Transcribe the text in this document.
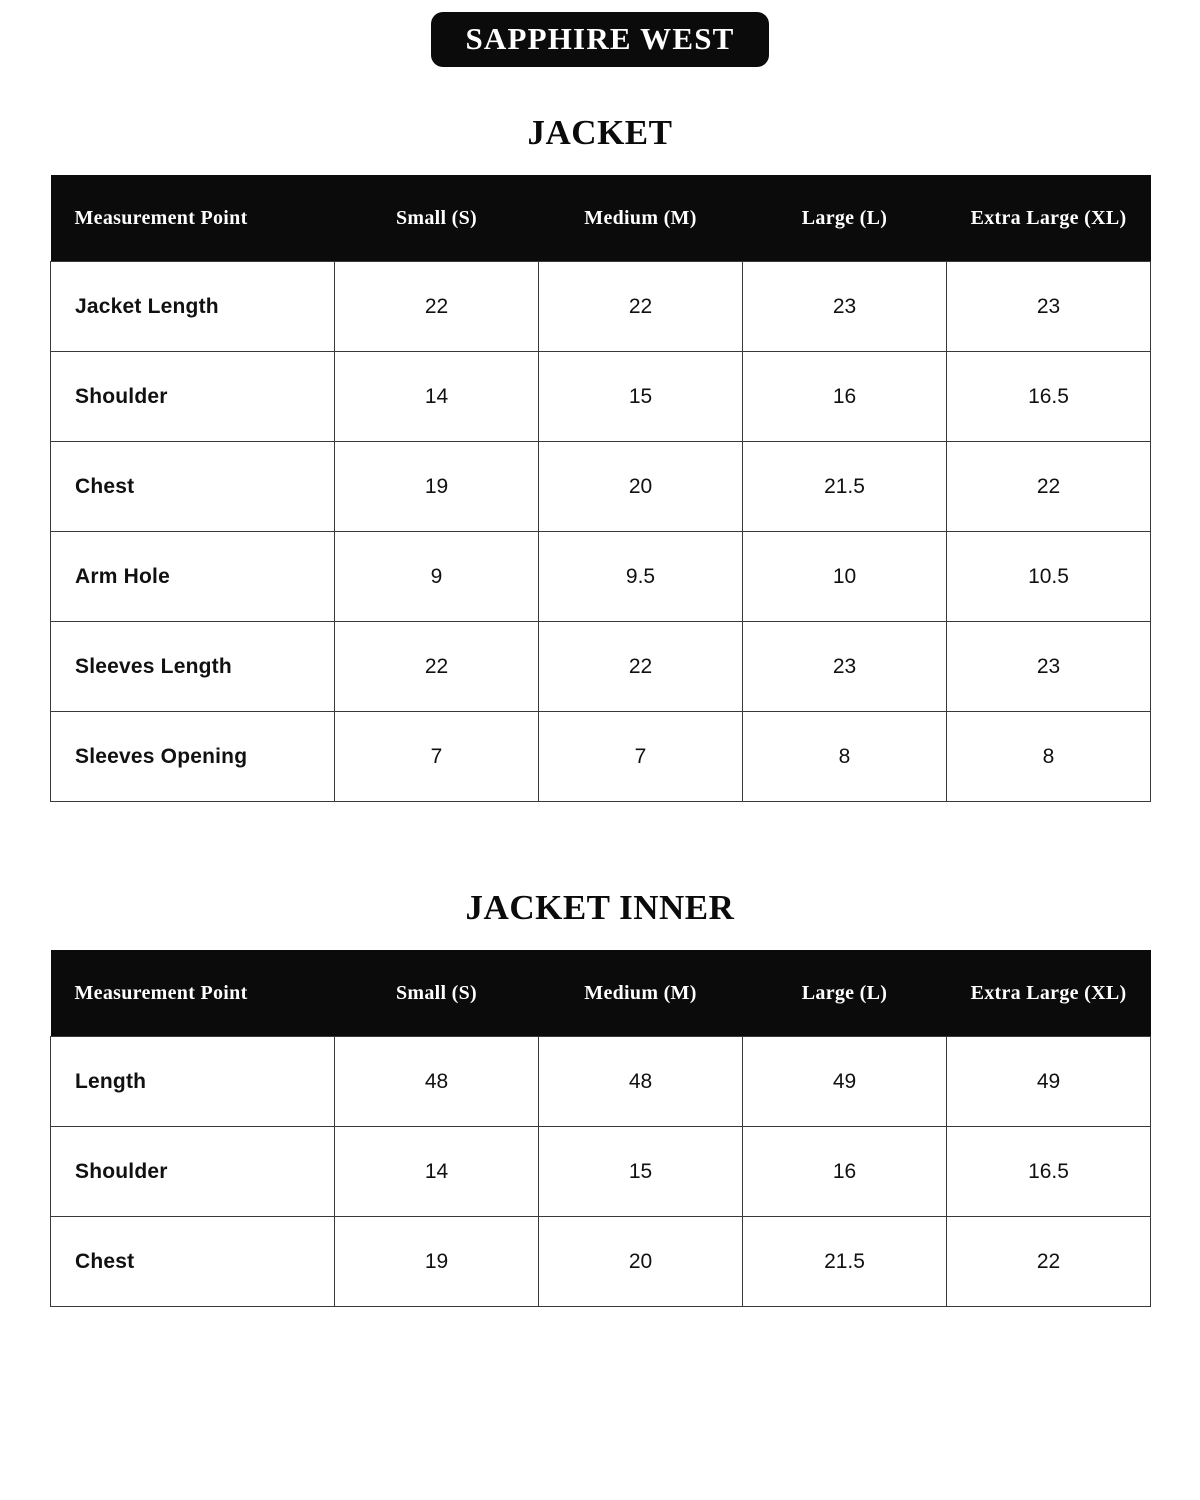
SAPPHIRE WEST
JACKET
Measurement Point	Small (S)	Medium (M)	Large (L)	Extra Large (XL)
Jacket Length	22	22	23	23
Shoulder	14	15	16	16.5
Chest	19	20	21.5	22
Arm Hole	9	9.5	10	10.5
Sleeves Length	22	22	23	23
Sleeves Opening	7	7	8	8
JACKET INNER
Measurement Point	Small (S)	Medium (M)	Large (L)	Extra Large (XL)
Length	48	48	49	49
Shoulder	14	15	16	16.5
Chest	19	20	21.5	22
